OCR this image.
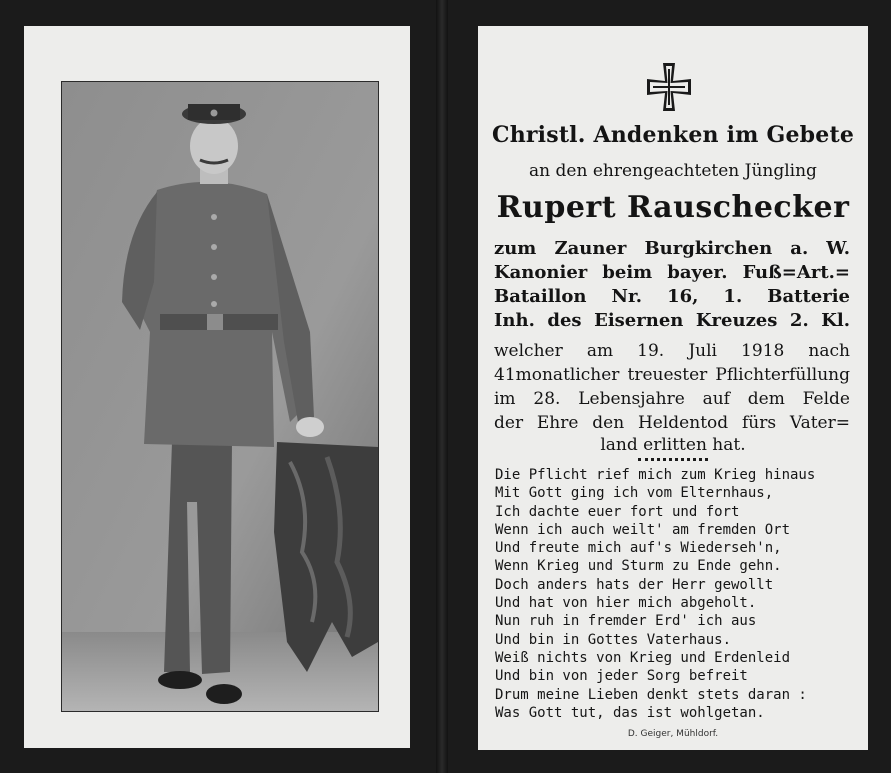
Christl. Andenken im Gebete
an den ehrengeachteten Jüngling
Rupert Rauschecker
zum Zauner Burgkirchen a. W.
Kanonier beim bayer. Fuß=Art.=
Bataillon Nr. 16, 1. Batterie
Inh. des Eisernen Kreuzes 2. Kl.
welcher am 19. Juli 1918 nach
41monatlicher treuester Pflichterfüllung
im 28. Lebensjahre auf dem Felde
der Ehre den Heldentod fürs Vater=
land erlitten hat.
Die Pflicht rief mich zum Krieg hinaus
Mit Gott ging ich vom Elternhaus,
Ich dachte euer fort und fort
Wenn ich auch weilt' am fremden Ort
Und freute mich auf's Wiederseh'n,
Wenn Krieg und Sturm zu Ende gehn.
Doch anders hats der Herr gewollt
Und hat von hier mich abgeholt.
Nun ruh in fremder Erd' ich aus
Und bin in Gottes Vaterhaus.
Weiß nichts von Krieg und Erdenleid
Und bin von jeder Sorg befreit
Drum meine Lieben denkt stets daran :
Was Gott tut, das ist wohlgetan.
D. Geiger, Mühldorf.
